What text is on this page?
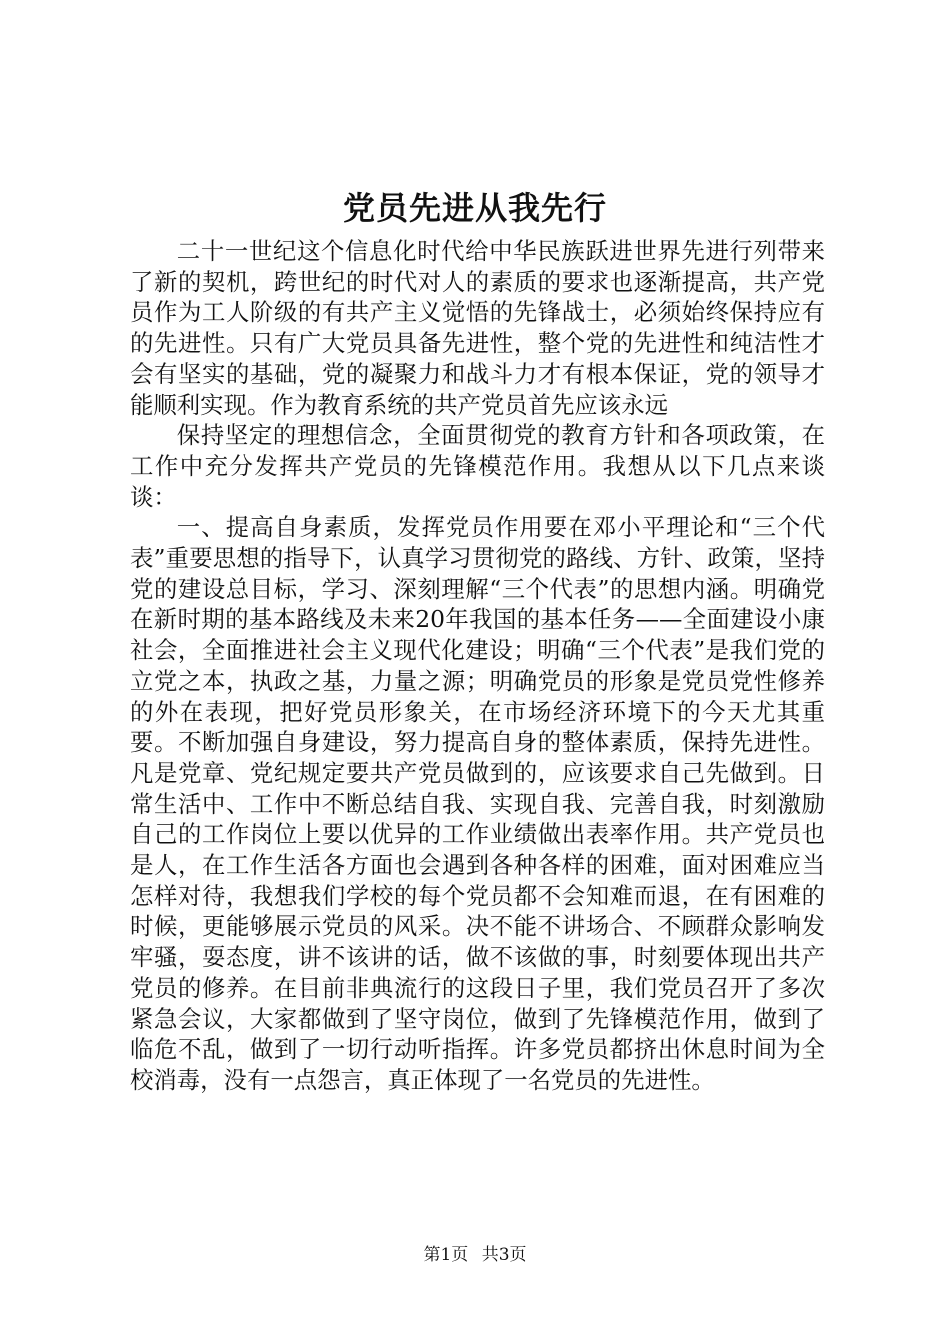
党员先进从我先行

二十一世纪这个信息化时代给中华民族跃进世界先进行列带来了新的契机，跨世纪的时代对人的素质的要求也逐渐提高，共产党员作为工人阶级的有共产主义觉悟的先锋战士，必须始终保持应有的先进性。只有广大党员具备先进性，整个党的先进性和纯洁性才会有坚实的基础，党的凝聚力和战斗力才有根本保证，党的领导才能顺利实现。作为教育系统的共产党员首先应该永远

保持坚定的理想信念，全面贯彻党的教育方针和各项政策，在工作中充分发挥共产党员的先锋模范作用。我想从以下几点来谈谈：

一、提高自身素质，发挥党员作用要在邓小平理论和“三个代表”重要思想的指导下，认真学习贯彻党的路线、方针、政策，坚持党的建设总目标，学习、深刻理解“三个代表”的思想内涵。明确党在新时期的基本路线及未来20年我国的基本任务——全面建设小康社会，全面推进社会主义现代化建设；明确“三个代表”是我们党的立党之本，执政之基，力量之源；明确党员的形象是党员党性修养的外在表现，把好党员形象关，在市场经济环境下的今天尤其重要。不断加强自身建设，努力提高自身的整体素质，保持先进性。凡是党章、党纪规定要共产党员做到的，应该要求自己先做到。日常生活中、工作中不断总结自我、实现自我、完善自我，时刻激励自己的工作岗位上要以优异的工作业绩做出表率作用。共产党员也是人，在工作生活各方面也会遇到各种各样的困难，面对困难应当怎样对待，我想我们学校的每个党员都不会知难而退，在有困难的时候，更能够展示党员的风采。决不能不讲场合、不顾群众影响发牢骚，耍态度，讲不该讲的话，做不该做的事，时刻要体现出共产党员的修养。在目前非典流行的这段日子里，我们党员召开了多次紧急会议，大家都做到了坚守岗位，做到了先锋模范作用，做到了临危不乱，做到了一切行动听指挥。许多党员都挤出休息时间为全校消毒，没有一点怨言，真正体现了一名党员的先进性。

第1页 共3页
